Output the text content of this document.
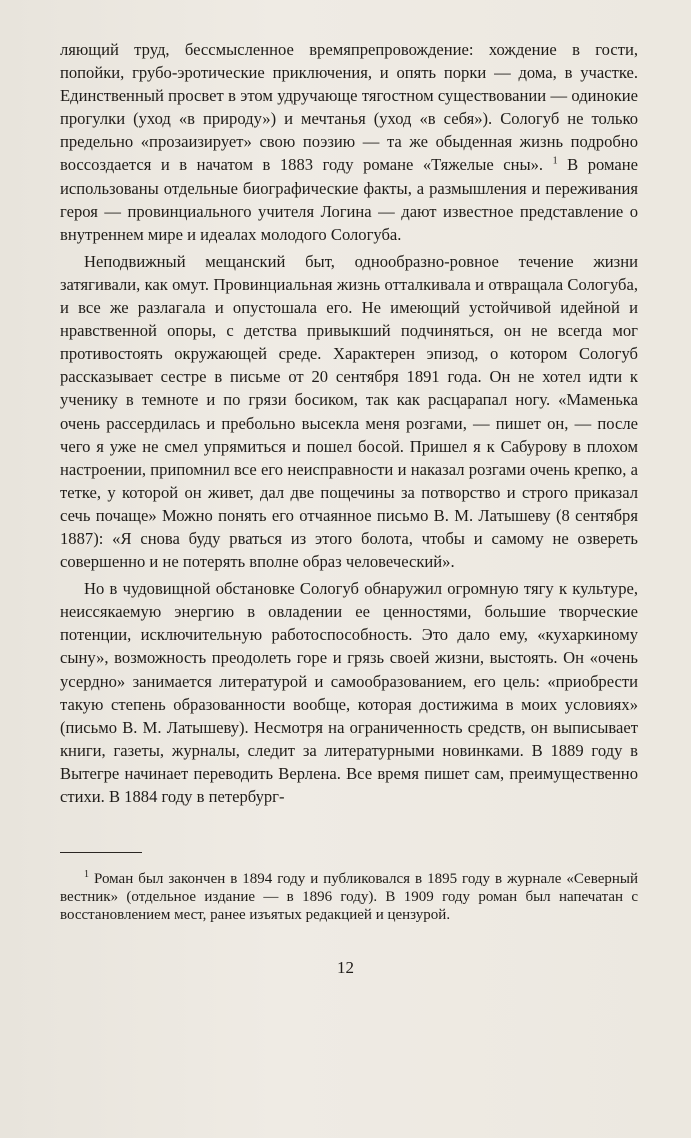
ляющий труд, бессмысленное времяпрепровождение: хождение в гости, попойки, грубо-эротические приключения, и опять порки — дома, в участке. Единственный просвет в этом удручающе тягостном существовании — одинокие прогулки (уход «в природу») и мечтанья (уход «в себя»). Сологуб не только предельно «прозаизирует» свою поэзию — та же обыденная жизнь подробно воссоздается и в начатом в 1883 году романе «Тяжелые сны». $^1$ В романе использованы отдельные биографические факты, а размышления и переживания героя — провинциального учителя Логина — дают известное представление о внутреннем мире и идеалах молодого Сологуба.

Неподвижный мещанский быт, однообразно-ровное течение жизни затягивали, как омут. Провинциальная жизнь отталкивала и отвращала Сологуба, и все же разлагала и опустошала его. Не имеющий устойчивой идейной и нравственной опоры, с детства привыкший подчиняться, он не всегда мог противостоять окружающей среде. Характерен эпизод, о котором Сологуб рассказывает сестре в письме от 20 сентября 1891 года. Он не хотел идти к ученику в темноте и по грязи босиком, так как расцарапал ногу. «Маменька очень рассердилась и пребольно высекла меня розгами, — пишет он, — после чего я уже не смел упрямиться и пошел босой. Пришел я к Сабурову в плохом настроении, припомнил все его неисправности и наказал розгами очень крепко, а тетке, у которой он живет, дал две пощечины за потворство и строго приказал сечь почаще» Можно понять его отчаянное письмо В. М. Латышеву (8 сентября 1887): «Я снова буду рваться из этого болота, чтобы и самому не озвереть совершенно и не потерять вполне образ человеческий».

Но в чудовищной обстановке Сологуб обнаружил огромную тягу к культуре, неиссякаемую энергию в овладении ее ценностями, большие творческие потенции, исключительную работоспособность. Это дало ему, «кухаркиному сыну», возможность преодолеть горе и грязь своей жизни, выстоять. Он «очень усердно» занимается литературой и самообразованием, его цель: «приобрести такую степень образованности вообще, которая достижима в моих условиях» (письмо В. М. Латышеву). Несмотря на ограниченность средств, он выписывает книги, газеты, журналы, следит за литературными новинками. В 1889 году в Вытегре начинает переводить Верлена. Все время пишет сам, преимущественно стихи. В 1884 году в петербург-

$^1$ Роман был закончен в 1894 году и публиковался в 1895 году в журнале «Северный вестник» (отдельное издание — в 1896 году). В 1909 году роман был напечатан с восстановлением мест, ранее изъятых редакцией и цензурой.
12
